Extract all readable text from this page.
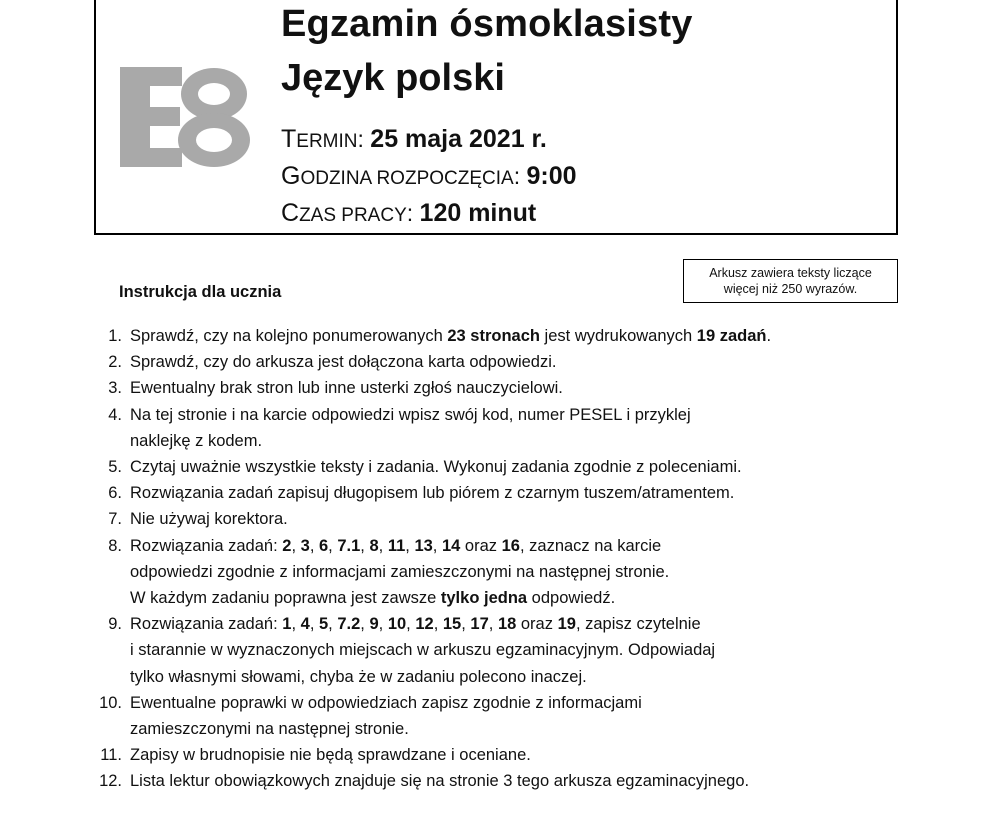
Egzamin ósmoklasisty
Język polski
TERMIN: 25 maja 2021 r.
GODZINA ROZPOCZĘCIA: 9:00
CZAS PRACY: 120 minut
Arkusz zawiera teksty liczące
więcej niż 250 wyrazów.
Instrukcja dla ucznia
1. Sprawdź, czy na kolejno ponumerowanych 23 stronach jest wydrukowanych 19 zadań.
2. Sprawdź, czy do arkusza jest dołączona karta odpowiedzi.
3. Ewentualny brak stron lub inne usterki zgłoś nauczycielowi.
4. Na tej stronie i na karcie odpowiedzi wpisz swój kod, numer PESEL i przyklej
naklejkę z kodem.
5. Czytaj uważnie wszystkie teksty i zadania. Wykonuj zadania zgodnie z poleceniami.
6. Rozwiązania zadań zapisuj długopisem lub piórem z czarnym tuszem/atramentem.
7. Nie używaj korektora.
8. Rozwiązania zadań: 2, 3, 6, 7.1, 8, 11, 13, 14 oraz 16, zaznacz na karcie
odpowiedzi zgodnie z informacjami zamieszczonymi na następnej stronie.
W każdym zadaniu poprawna jest zawsze tylko jedna odpowiedź.
9. Rozwiązania zadań: 1, 4, 5, 7.2, 9, 10, 12, 15, 17, 18 oraz 19, zapisz czytelnie
i starannie w wyznaczonych miejscach w arkuszu egzaminacyjnym. Odpowiadaj
tylko własnymi słowami, chyba że w zadaniu polecono inaczej.
10. Ewentualne poprawki w odpowiedziach zapisz zgodnie z informacjami
zamieszczonymi na następnej stronie.
11. Zapisy w brudnopisie nie będą sprawdzane i oceniane.
12. Lista lektur obowiązkowych znajduje się na stronie 3 tego arkusza egzaminacyjnego.
